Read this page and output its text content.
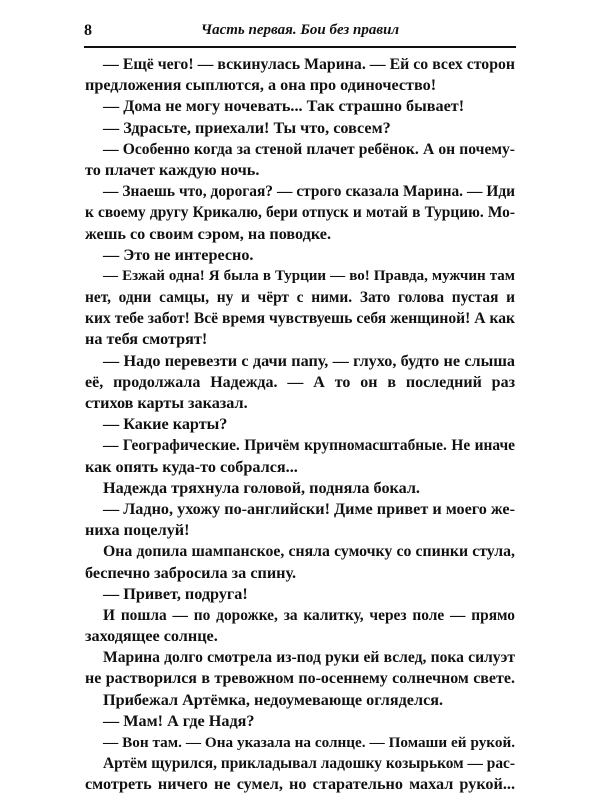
8	Часть первая. Бои без правил
— Ещё чего! — вскинулась Марина. — Ей со всех сторон
предложения сыплются, а она про одиночество!
— Дома не могу ночевать... Так страшно бывает!
— Здрасьте, приехали! Ты что, совсем?
— Особенно когда за стеной плачет ребёнок. А он почему-
то плачет каждую ночь.
— Знаешь что, дорогая? — строго сказала Марина. — Иди
к своему другу Крикалю, бери отпуск и мотай в Турцию. Мо-
жешь со своим сэром, на поводке.
— Это не интересно.
— Езжай одна! Я была в Турции — во! Правда, мужчин там
нет, одни самцы, ну и чёрт с ними. Зато голова пустая и
ких тебе забот! Всё время чувствуешь себя женщиной! А как
на тебя смотрят!
— Надо перевезти с дачи папу, — глухо, будто не слыша
её, продолжала Надежда. — А то он в последний раз
стихов карты заказал.
— Какие карты?
— Географические. Причём крупномасштабные. Не иначе
как опять куда-то собрался...
Надежда тряхнула головой, подняла бокал.
— Ладно, ухожу по-английски! Диме привет и моего же-
ниха поцелуй!
Она допила шампанское, сняла сумочку со спинки стула,
беспечно забросила за спину.
— Привет, подруга!
И пошла — по дорожке, за калитку, через поле — прямо
заходящее солнце.
Марина долго смотрела из-под руки ей вслед, пока силуэт
не растворился в тревожном по-осеннему солнечном свете.
Прибежал Артёмка, недоумевающе огляделся.
— Мам! А где Надя?
— Вон там. — Она указала на солнце. — Помаши ей рукой.
Артём щурился, прикладывал ладошку козырьком — рас-
смотреть ничего не сумел, но старательно махал рукой...
